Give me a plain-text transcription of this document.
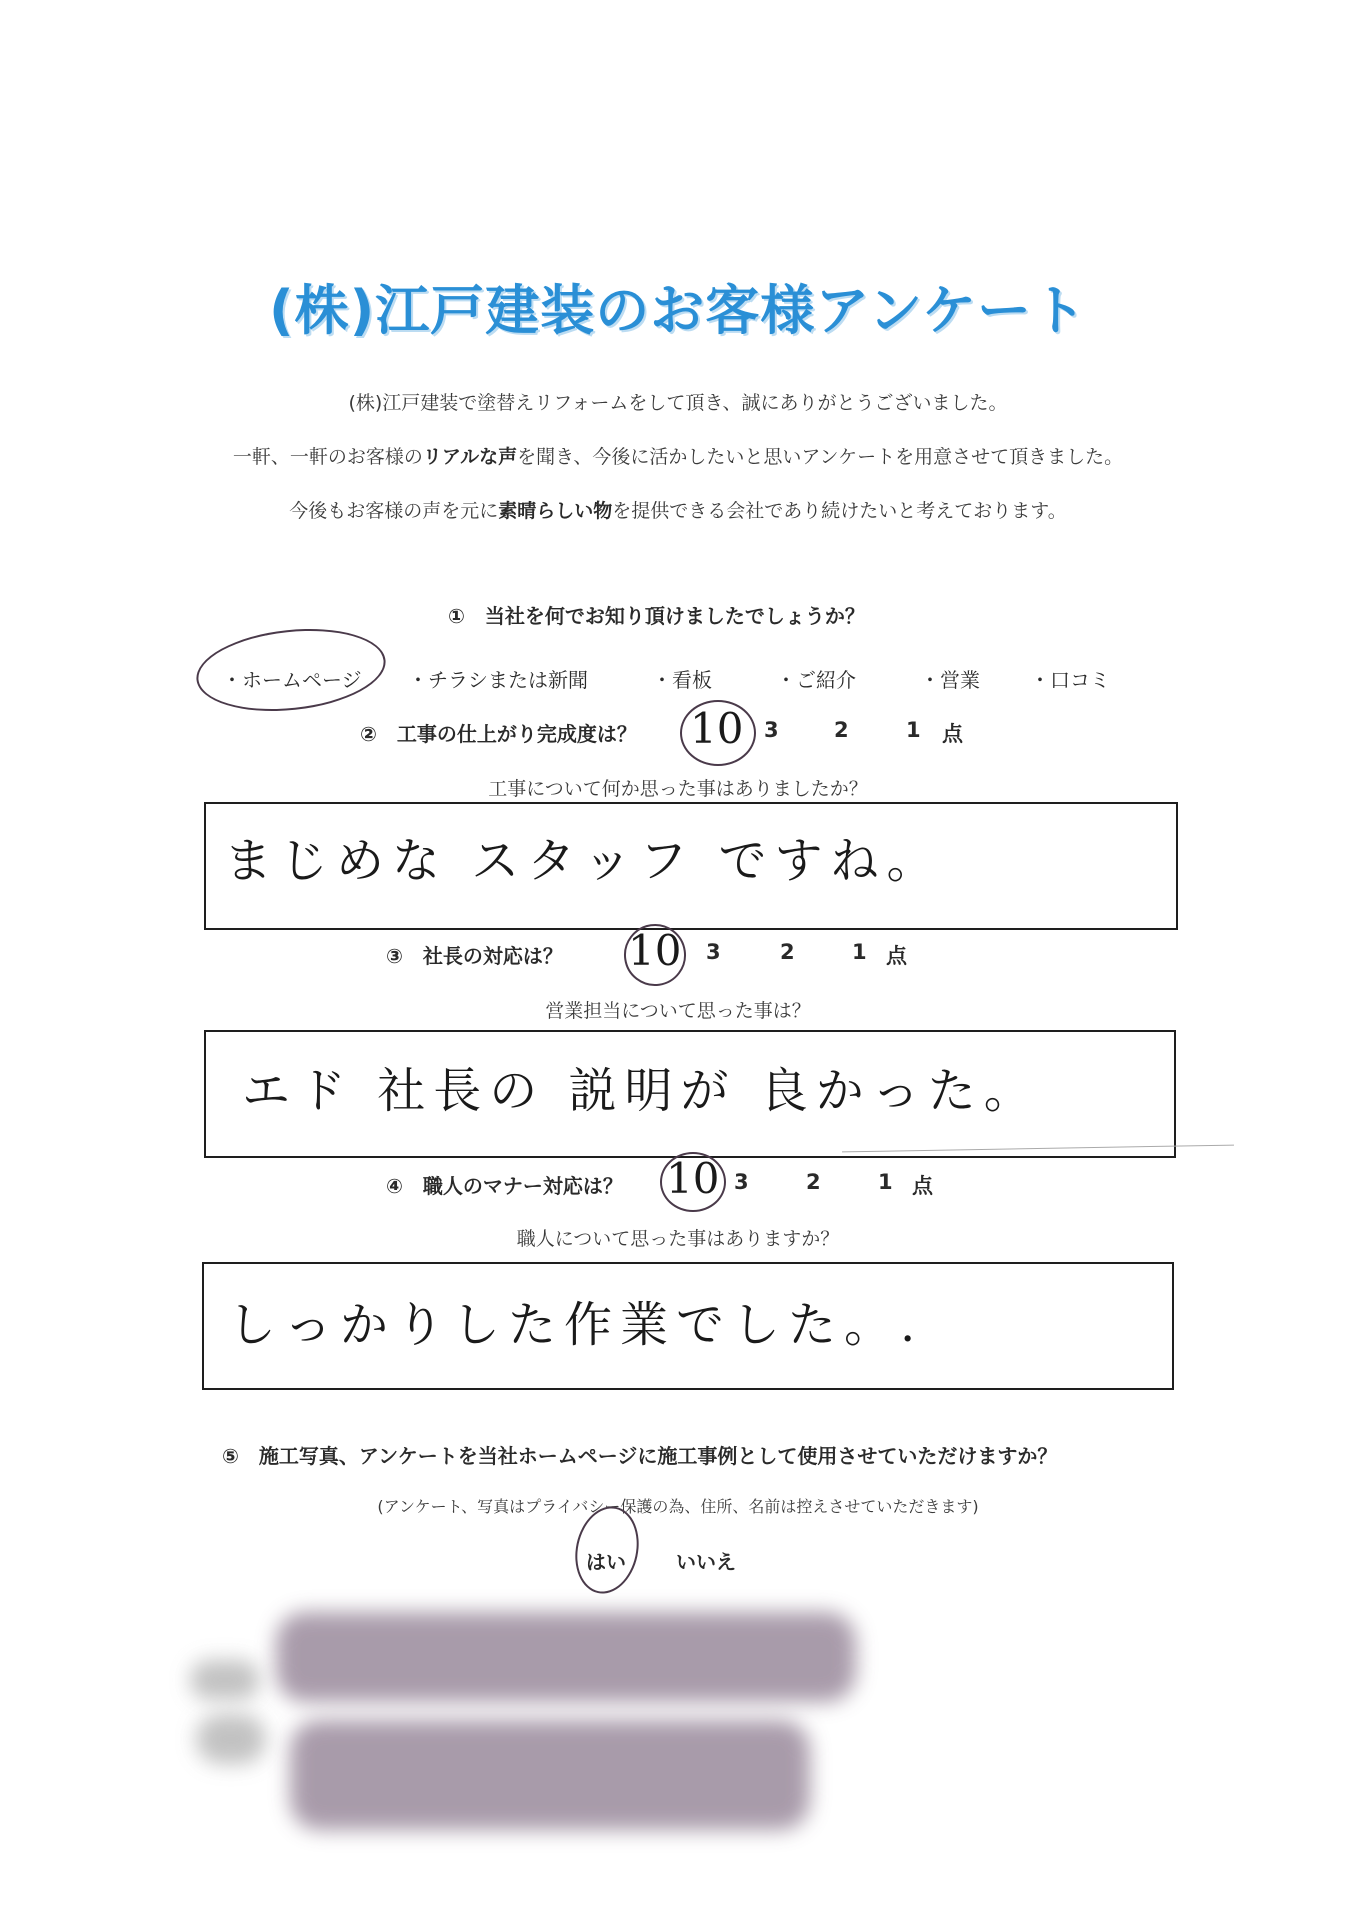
(株)江戸建装のお客様アンケート
(株)江戸建装で塗替えリフォームをして頂き、誠にありがとうございました。
一軒、一軒のお客様のリアルな声を聞き、今後に活かしたいと思いアンケートを用意させて頂きました。
今後もお客様の声を元に素晴らしい物を提供できる会社であり続けたいと考えております。
①　当社を何でお知り頂けましたでしょうか？
・ホームページ ・チラシまたは新聞	・看板	・ご紹介	・営業	・口コミ
②　工事の仕上がり完成度は？ 10 3	2	1 点
工事について何か思った事はありましたか？
まじめな スタッフ ですね。
③　社長の対応は？ 10 3	2	1 点
営業担当について思った事は？
エド 社長の 説明が 良かった。
④　職人のマナー対応は？ 10 3	2	1 点
職人について思った事はありますか？
しっかりした作業でした。.
⑤　施工写真、アンケートを当社ホームページに施工事例として使用させていただけますか？
(アンケート、写真はプライバシー保護の為、住所、名前は控えさせていただきます)
はい	いいえ
